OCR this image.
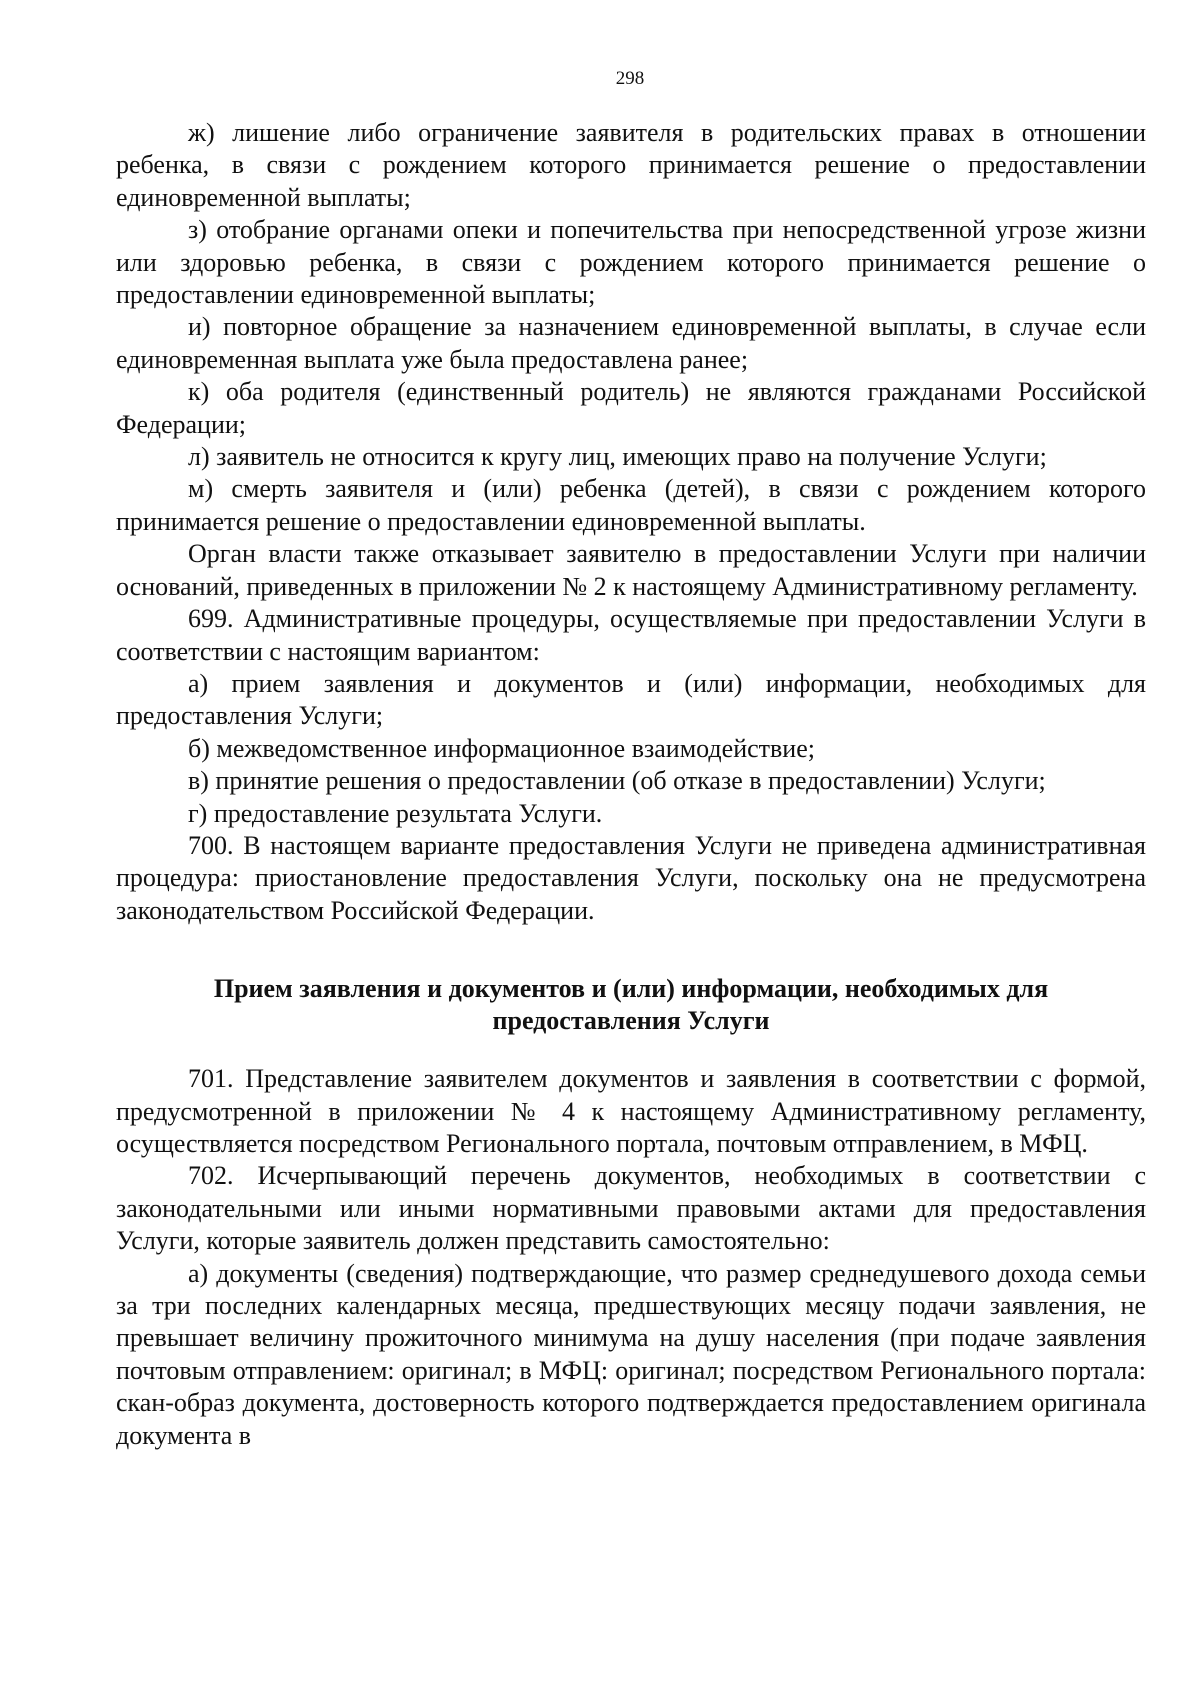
298

ж) лишение либо ограничение заявителя в родительских правах в отношении ребенка, в связи с рождением которого принимается решение о предоставлении единовременной выплаты;

з) отобрание органами опеки и попечительства при непосредственной угрозе жизни или здоровью ребенка, в связи с рождением которого принимается решение о предоставлении единовременной выплаты;

и) повторное обращение за назначением единовременной выплаты, в случае если единовременная выплата уже была предоставлена ранее;

к) оба родителя (единственный родитель) не являются гражданами Российской Федерации;

л) заявитель не относится к кругу лиц, имеющих право на получение Услуги;

м) смерть заявителя и (или) ребенка (детей), в связи с рождением которого принимается решение о предоставлении единовременной выплаты.

Орган власти также отказывает заявителю в предоставлении Услуги при наличии оснований, приведенных в приложении № 2 к настоящему Административному регламенту.

699. Административные процедуры, осуществляемые при предоставлении Услуги в соответствии с настоящим вариантом:

а) прием заявления и документов и (или) информации, необходимых для предоставления Услуги;

б) межведомственное информационное взаимодействие;

в) принятие решения о предоставлении (об отказе в предоставлении) Услуги;

г) предоставление результата Услуги.

700. В настоящем варианте предоставления Услуги не приведена административная процедура: приостановление предоставления Услуги, поскольку она не предусмотрена законодательством Российской Федерации.

Прием заявления и документов и (или) информации, необходимых для
предоставления Услуги

701. Представление заявителем документов и заявления в соответствии с формой, предусмотренной в приложении № 4 к настоящему Административному регламенту, осуществляется посредством Регионального портала, почтовым отправлением, в МФЦ.

702. Исчерпывающий перечень документов, необходимых в соответствии с законодательными или иными нормативными правовыми актами для предоставления Услуги, которые заявитель должен представить самостоятельно:

а) документы (сведения) подтверждающие, что размер среднедушевого дохода семьи за три последних календарных месяца, предшествующих месяцу подачи заявления, не превышает величину прожиточного минимума на душу населения (при подаче заявления почтовым отправлением: оригинал; в МФЦ: оригинал; посредством Регионального портала: скан-образ документа, достоверность которого подтверждается предоставлением оригинала документа в
